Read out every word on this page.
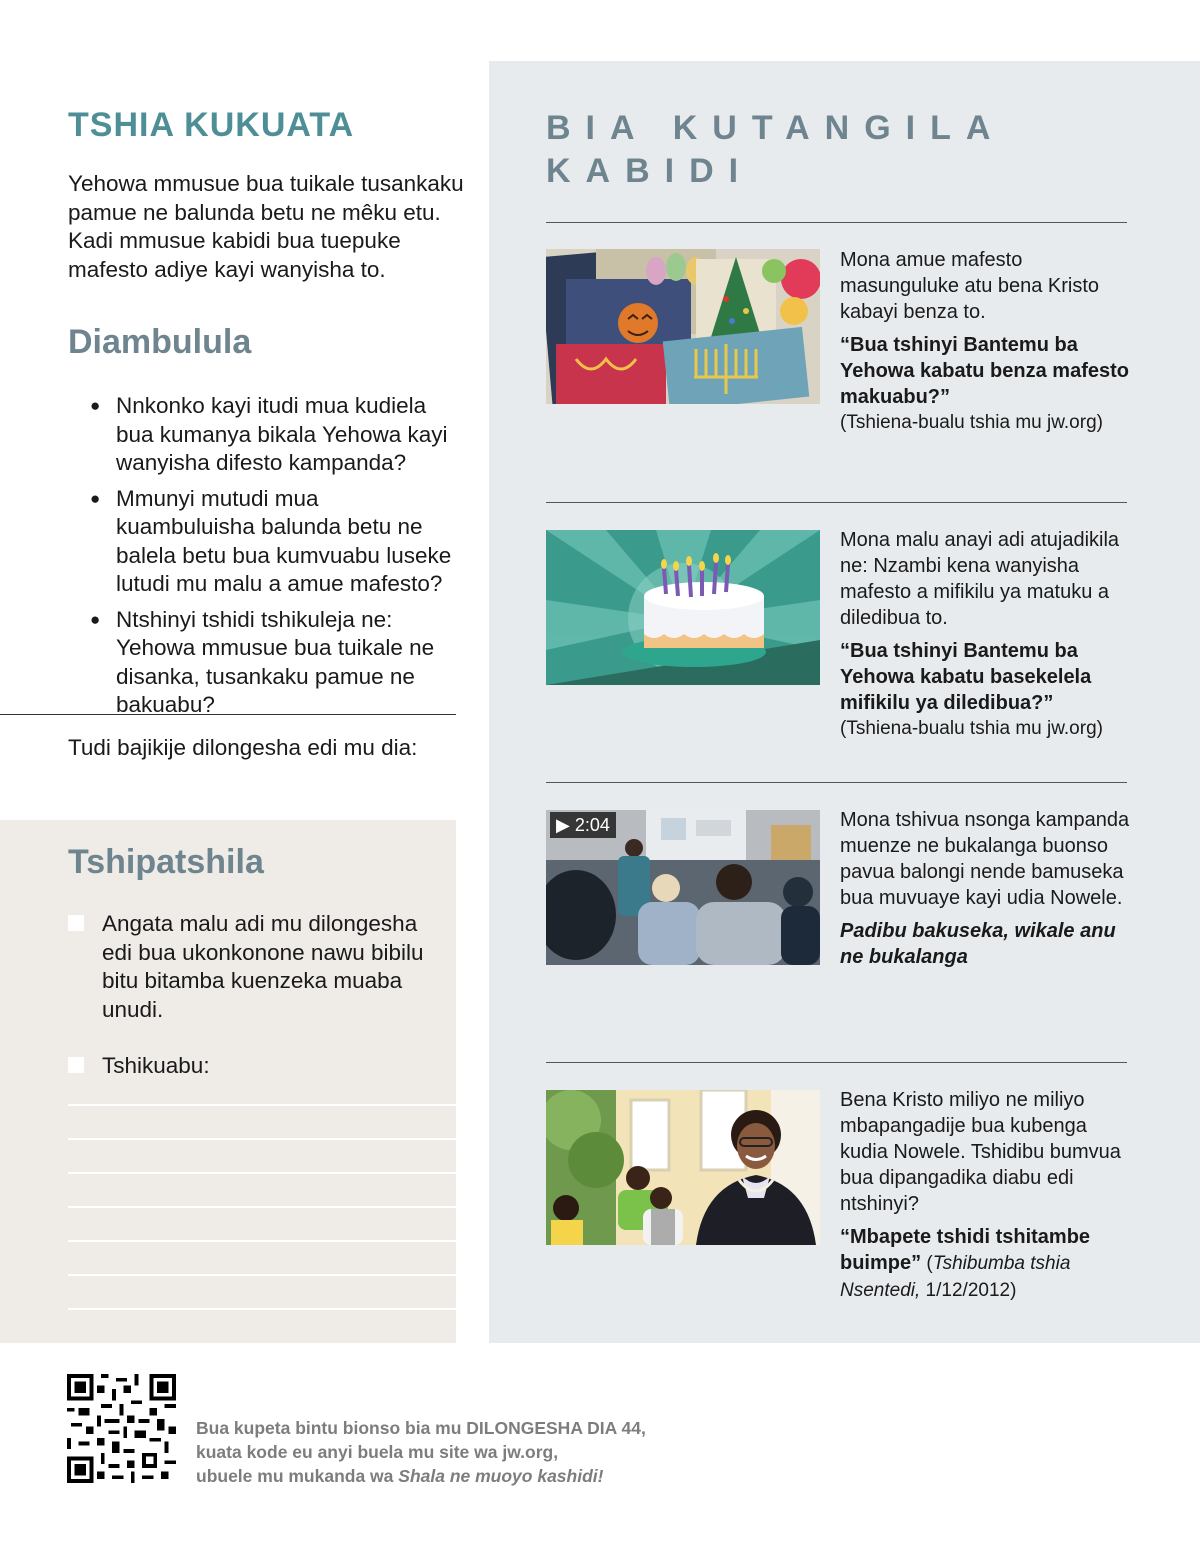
TSHIA KUKUATA
Yehowa mmusue bua tuikale tusankaku pamue ne balunda betu ne mêku etu. Kadi mmusue kabidi bua tuepuke mafesto adiye kayi wanyisha to.
Diambulula
● Nnkonko kayi itudi mua kudiela bua kumanya bikala Yehowa kayi wanyisha difesto kampanda?
● Mmunyi mutudi mua kuambuluisha balunda betu ne balela betu bua kumvuabu luseke lutudi mu malu a amue mafesto?
● Ntshinyi tshidi tshikuleja ne: Yehowa mmusue bua tuikale ne disanka, tusankaku pamue ne bakuabu?
Tudi bajikije dilongesha edi mu dia:
Tshipatshila
Angata malu adi mu dilongesha edi bua ukonkonone nawu bibilu bitu bitamba kuenzeka muaba unudi.
Tshikuabu:
BIA KUTANGILA KABIDI
Mona amue mafesto masunguluke atu bena Kristo kabayi benza to.
“Bua tshinyi Bantemu ba Yehowa kabatu benza mafesto makuabu?”
(Tshiena-bualu tshia mu jw.org)
Mona malu anayi adi atujadikila ne: Nzambi kena wanyisha mafesto a mifikilu ya matuku a diledibua to.
“Bua tshinyi Bantemu ba Yehowa kabatu basekelela mifikilu ya diledibua?”
(Tshiena-bualu tshia mu jw.org)
▶ 2:04	Mona tshivua nsonga kampanda muenze ne bukalanga buonso pavua balongi nende bamuseka bua muvuaye kayi udia Nowele.
Padibu bakuseka, wikale anu ne bukalanga
Bena Kristo miliyo ne miliyo mbapangadije bua kubenga kudia Nowele. Tshidibu bumvua bua dipangadika diabu edi ntshinyi?
“Mbapete tshidi tshitambe buimpe” (Tshibumba tshia Nsentedi, 1/12/2012)
Bua kupeta bintu bionso bia mu DILONGESHA DIA 44,
kuata kode eu anyi buela mu site wa jw.org,
ubuele mu mukanda wa Shala ne muoyo kashidi!
